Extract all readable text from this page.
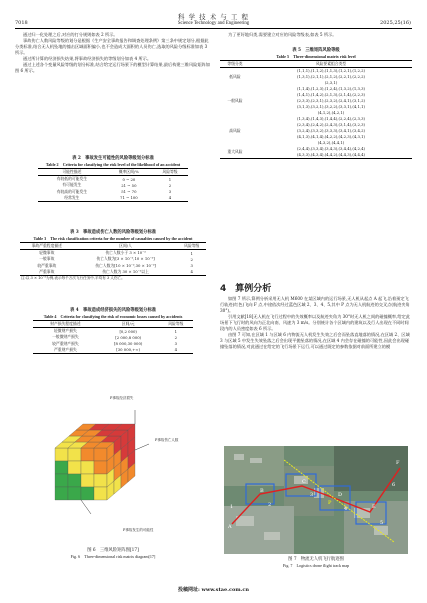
7018
科 学 技 术 与 工 程
Science Technology and Engineering	2025,25(16)
通过归一化处理之后,对应的打分规则如表 2 所示。
事故伤亡人数风险等级的划分是根据《生产安全事故报告和调查处理条例》第三条中规定划分,根据此分类标准,结合无人机坠地的撞击区域面积偏小,也不会造成大面积的人员伤亡,选取的风险分级标准如表 3 所示。
通过所计算的经济损失结果,将事故经济损失的等级划分如表 4 所示。
通过上述各个变量风险等级的划分标准,结合给定运行场景下的模型计算结果,最后构建三维风险矩阵如图 6 所示。
表 2　事故发生可能性的风险等级划分标准
Table 2　Criteria for classifying the risk level of the likelihood of an accident
可能性描述	概率区间/%	风险等级
有较低的可能发生	0 ~ 20	1
有可能发生	21 ~ 50	2
有较高的可能发生	51 ~ 70	3
经常发生	71 ~ 100	4
表 3　事故造成伤亡人数的风险等级划分标准
Table 3　The risk classification criteria for the number of casualties caused by the accident
事故严重程度描述	区间/人	风险等级
轻微事故	伤亡人数小于 3 × 10⁻⁵	1
一般事故	伤亡人数为[3 × 10⁻⁵,10 × 10⁻⁵]	2
较严重事故	伤亡人数为[10 × 10⁻⁵,30 × 10⁻⁵]	3
严重事故	伤亡人数为 30 × 10⁻⁵以上	4
注:以 3 × 10⁻⁵为例,表示每千万次飞行任务中,平均有 3 人伤亡。
表 4　事故造成经济损失的风险等级划分标准
Table 4　Criteria for classifying the risk of economic losses caused by accidents
财产损失程度描述	区间/元	风险等级
轻微财产损失	[0,2 000)	1
一般微财产损失	[2 000,8 000)	2
较严重财产损失	[8 000,30 000)	3
严重财产损失	[30 000,+∞)	4
P事故经济损失
P事故伤亡人数
P事故发生的可能性
图 6　三维风险矩阵图[17]
Fig. 6　Three-dimensional risk matrix diagram[17]
为了更好地归类,需要建立对应的风险等级表,如表 5 所示。
表 5　三维矩阵风险等级
Table 5　Three-dimensional matrix risk level
等级分类	风险要素组合类型
低风险	(1,1,1),(1,1,2),(1,1,3),(1,2,1),(1,2,2)
(1,3,1),(2,1,1),(2,1,2),(2,2,1),(2,2,2)
(2,3,1)

一般风险	(1,1,4),(1,2,3),(1,2,4),(1,3,2),(1,3,3)
(1,4,1),(1,4,2),(2,1,3),(2,1,4),(2,2,3)
(2,3,3),(2,3,1),(2,3,2),(2,4,1),(3,1,2)
(3,1,3),(3,2,1),(3,2,2),(3,3,1),(4,1,1)
(4,1,2),(4,2,1)

高风险	(1,3,4),(1,4,3),(1,4,4),(2,2,4),(2,3,3)
(2,3,4),(2,4,2),(2,4,3),(3,1,4),(3,2,3)
(3,2,4),(3,3,2),(3,3,3),(3,4,1),(3,4,2)
(4,1,3),(4,1,4),(4,2,2),(4,2,3),(4,3,1)
(4,3,2),(4,4,1)

重大风险	(2,4,4),(3,3,4),(3,4,3),(3,4,4),(4,2,4)
(4,3,3),(4,3,4),(4,4,2),(4,4,3),(4,4,4)
4　算例分析
如图 7 所示,算例分析采用无人机 M600 在某区域内的运行场景,无人机从起点 A 起飞,沿着预定飞行轨迹(红色)飞向 F 点,中途依次经过蓝色区域 2、3、4、5,其中 P 点为无人机航迹的交叉点(航迹夹角 30°)。
引用文献[18]无人机在飞行过程中的失效概率以及航迹夹角为 30°时无人机之间的碰撞概率,给定此场景下飞行时的风向为正北向南、风速为 3 m/s。分别统计各个区域内的建筑以及行人出现在不同时间段内的人员密度如表 6 所示。
由图 7 可知,在区域 1 与区域 6 内物流无人机发生失效之后会而坠落直地落的情况,在区域 2、区域 3 与区域 5 中发生失效坠落之后会出现平抛坠落的情况,在区域 4 内会存在碰撞的可能性,因此会出现碰撞坠落的情况,对此通过在给定的飞行场景下运行,可以通过既定的参数依据对前面所建立的模
A
B
C
D
E
F
P
1	2
3
4
5
6
图 7　物流无人机飞行航迹图
Fig. 7　Logistics drone flight track map
投稿网址: www.stae.com.cn
